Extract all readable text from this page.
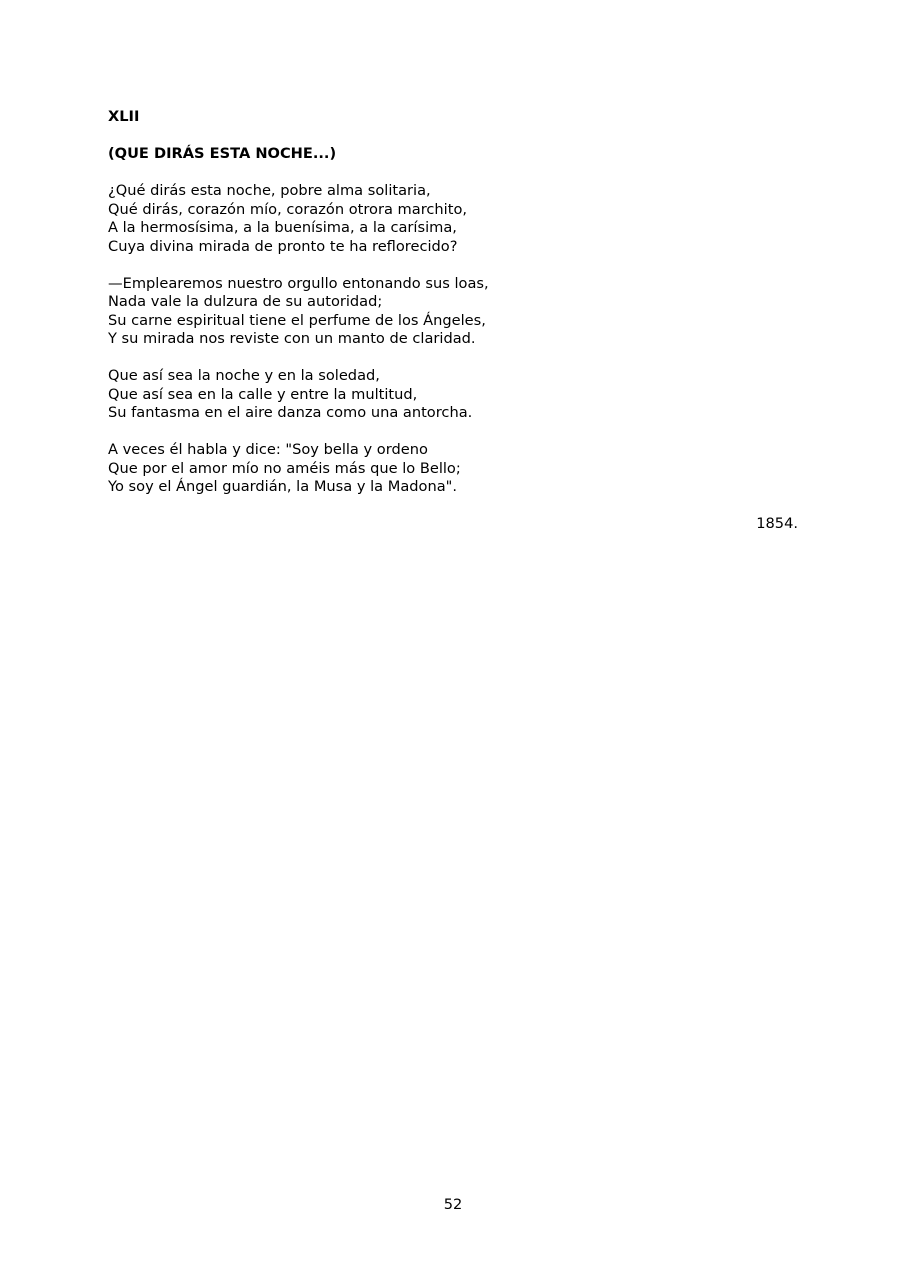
XLII
(QUE DIRÁS ESTA NOCHE...)
¿Qué dirás esta noche, pobre alma solitaria,
Qué dirás, corazón mío, corazón otrora marchito,
A la hermosísima, a la buenísima, a la carísima,
Cuya divina mirada de pronto te ha reflorecido?
—Emplearemos nuestro orgullo entonando sus loas,
Nada vale la dulzura de su autoridad;
Su carne espiritual tiene el perfume de los Ángeles,
Y su mirada nos reviste con un manto de claridad.
Que así sea la noche y en la soledad,
Que así sea en la calle y entre la multitud,
Su fantasma en el aire danza como una antorcha.
A veces él habla y dice: "Soy bella y ordeno
Que por el amor mío no améis más que lo Bello;
Yo soy el Ángel guardián, la Musa y la Madona".
1854.
52
